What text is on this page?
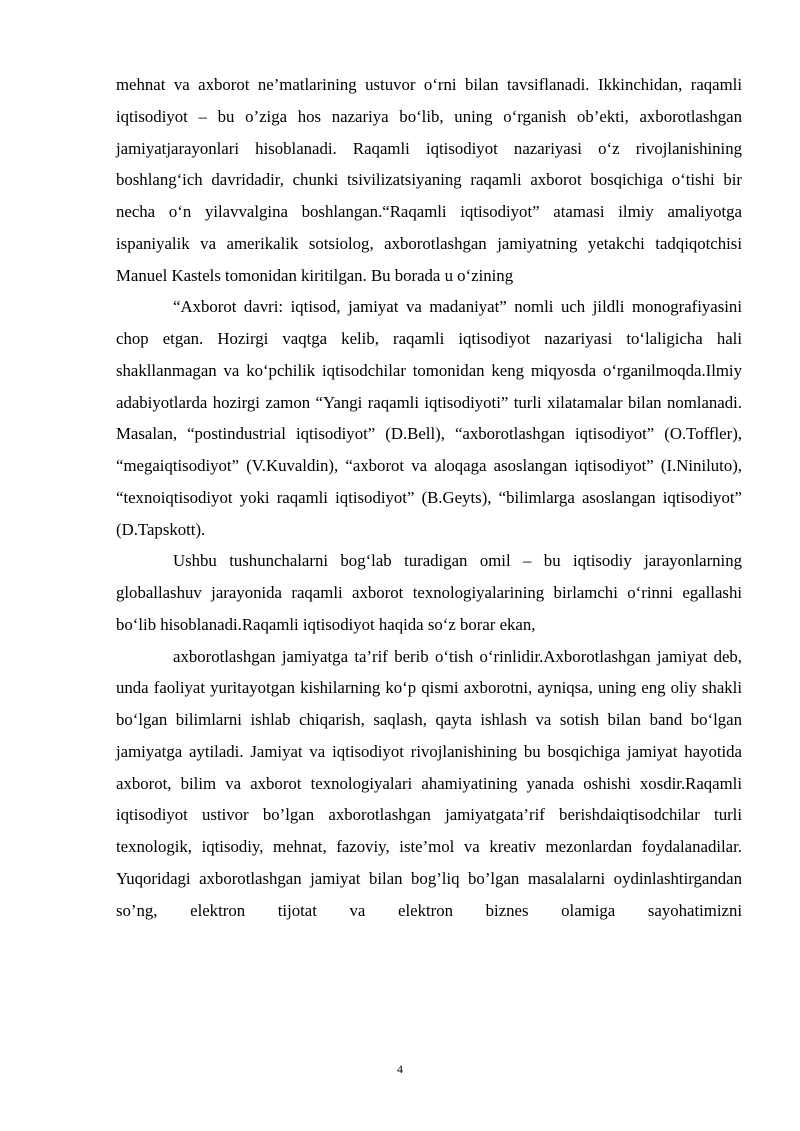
mehnat va axborot ne’matlarining ustuvor o‘rni bilan tavsiflanadi. Ikkinchidan, raqamli iqtisodiyot – bu o’ziga hos nazariya bo‘lib, uning o‘rganish ob’ekti, axborotlashgan jamiyatjarayonlari hisoblanadi. Raqamli iqtisodiyot nazariyasi o‘z rivojlanishining boshlang‘ich davridadir, chunki tsivilizatsiyaning raqamli axborot bosqichiga o‘tishi bir necha o‘n yilavvalgina boshlangan.“Raqamli iqtisodiyot” atamasi ilmiy amaliyotga ispaniyalik va amerikalik sotsiolog, axborotlashgan jamiyatning yetakchi tadqiqotchisi Manuel Kastels tomonidan kiritilgan. Bu borada u o‘zining

“Axborot davri: iqtisod, jamiyat va madaniyat” nomli uch jildli monografiyasini chop etgan. Hozirgi vaqtga kelib, raqamli iqtisodiyot nazariyasi to‘laligicha hali shakllanmagan va ko‘pchilik iqtisodchilar tomonidan keng miqyosda o‘rganilmoqda.Ilmiy adabiyotlarda hozirgi zamon “Yangi raqamli iqtisodiyoti” turli xilatamalar bilan nomlanadi. Masalan, “postindustrial iqtisodiyot” (D.Bell), “axborotlashgan iqtisodiyot” (O.Toffler), “megaiqtisodiyot” (V.Kuvaldin), “axborot va aloqaga asoslangan iqtisodiyot” (I.Niniluto), “texnoiqtisodiyot yoki raqamli iqtisodiyot” (B.Geyts), “bilimlarga asoslangan iqtisodiyot” (D.Tapskott).

Ushbu tushunchalarni bog‘lab turadigan omil – bu iqtisodiy jarayonlarning globallashuv jarayonida raqamli axborot texnologiyalarining birlamchi o‘rinni egallashi bo‘lib hisoblanadi.Raqamli iqtisodiyot haqida so‘z borar ekan,

axborotlashgan jamiyatga ta’rif berib o‘tish o‘rinlidir.Axborotlashgan jamiyat deb, unda faoliyat yuritayotgan kishilarning ko‘p qismi axborotni, ayniqsa, uning eng oliy shakli bo‘lgan bilimlarni ishlab chiqarish, saqlash, qayta ishlash va sotish bilan band bo‘lgan jamiyatga aytiladi. Jamiyat va iqtisodiyot rivojlanishining bu bosqichiga jamiyat hayotida axborot, bilim va axborot texnologiyalari ahamiyatining yanada oshishi xosdir.Raqamli iqtisodiyot ustivor bo’lgan axborotlashgan jamiyatgata’rif berishdaiqtisodchilar turli texnologik, iqtisodiy, mehnat, fazoviy, iste’mol va kreativ mezonlardan foydalanadilar. Yuqoridagi axborotlashgan jamiyat bilan bog’liq bo’lgan masalalarni oydinlashtirgandan so’ng, elektron tijotat va elektron biznes olamiga sayohatimizni

4
